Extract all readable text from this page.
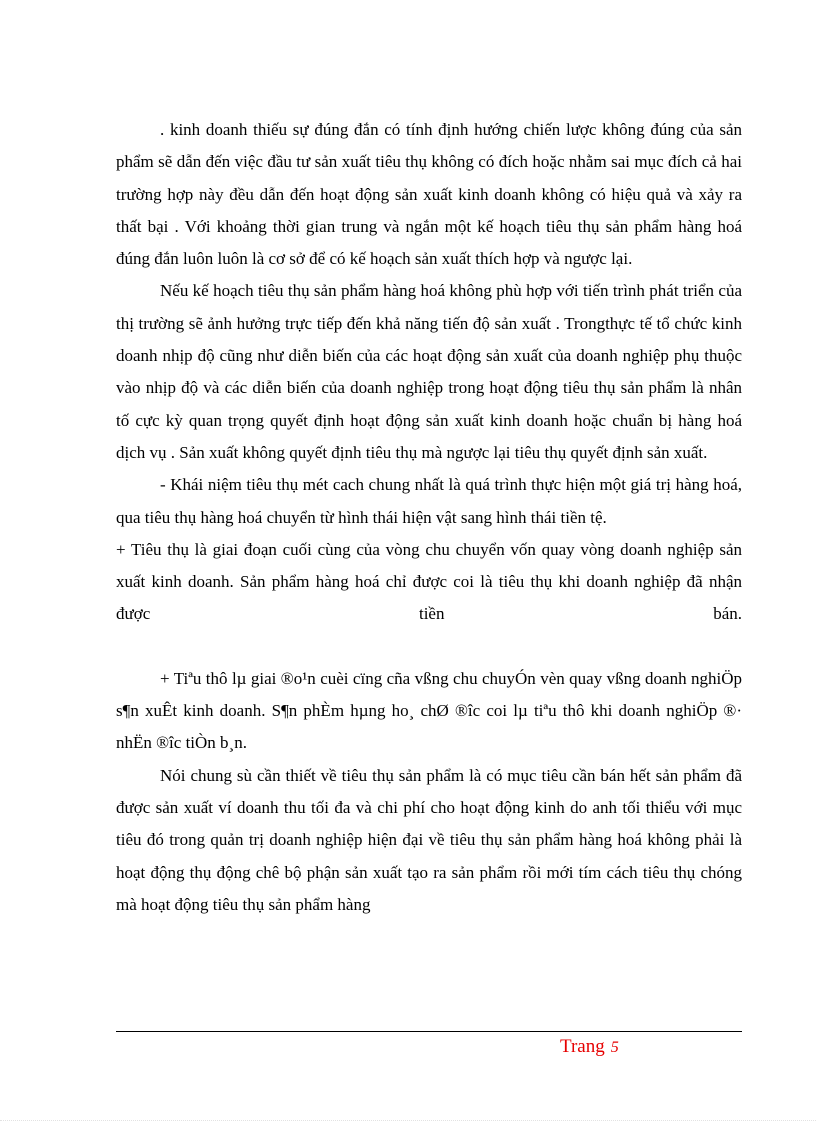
. kinh doanh thiếu sự đúng đắn có tính định hướng chiến lược không đúng của sản phẩm sẽ dẫn đến việc đầu tư sản xuất tiêu thụ không có đích hoặc nhằm sai mục đích cả hai trường hợp này đều dẫn đến hoạt động sản xuất kinh doanh không có hiệu quả và xảy ra thất bại . Với khoảng thời gian trung và ngắn một kế hoạch tiêu thụ sản phẩm hàng hoá đúng đắn luôn luôn là cơ sở để có kế hoạch sản xuất thích hợp và ngược lại.

Nếu kế hoạch tiêu thụ sản phẩm hàng hoá không phù hợp với tiến trình phát triển của thị trường sẽ ảnh hưởng trực tiếp đến khả năng tiến độ sản xuất . Trongthực tế tổ chức kinh doanh nhịp độ cũng như diễn biến của các hoạt động sản xuất của doanh nghiệp phụ thuộc vào nhịp độ và các diễn biến của doanh nghiệp trong hoạt động tiêu thụ sản phẩm là nhân tố cực kỳ quan trọng quyết định hoạt động sản xuất kinh doanh hoặc chuẩn bị hàng hoá dịch vụ . Sản xuất không quyết định tiêu thụ mà ngược lại tiêu thụ quyết định sản xuất.

- Khái niệm tiêu thụ mét cach chung nhất là quá trình thực hiện một giá trị hàng hoá, qua tiêu thụ hàng hoá chuyển từ hình thái hiện vật sang hình thái tiền tệ.

+ Tiêu thụ là giai đoạn cuối cùng của vòng chu chuyển vốn quay vòng doanh nghiệp sản xuất kinh doanh. Sản phẩm hàng hoá chỉ được coi là tiêu thụ khi doanh nghiệp đã nhận được tiền bán.

+ Tiªu thô lµ giai ®o¹n cuèi cïng cña vßng chu chuyÓn vèn quay vßng doanh nghiÖp s¶n xuÊt kinh doanh. S¶n phÈm hµng ho¸ chØ ®îc coi lµ tiªu thô khi doanh nghiÖp ®· nhËn ®îc tiÒn b¸n.

Nói chung sù cần thiết về tiêu thụ sản phẩm là có mục tiêu cần bán hết sản phẩm đã được sản xuất ví doanh thu tối đa và chi phí cho hoạt động kinh do anh tối thiểu với mục tiêu đó trong quản trị doanh nghiệp hiện đại về tiêu thụ sản phẩm hàng hoá không phải là hoạt động thụ động chê bộ phận sản xuất tạo ra sản phẩm rồi mới tím cách tiêu thụ chóng mà hoạt động tiêu thụ sản phẩm hàng

Trang 5
